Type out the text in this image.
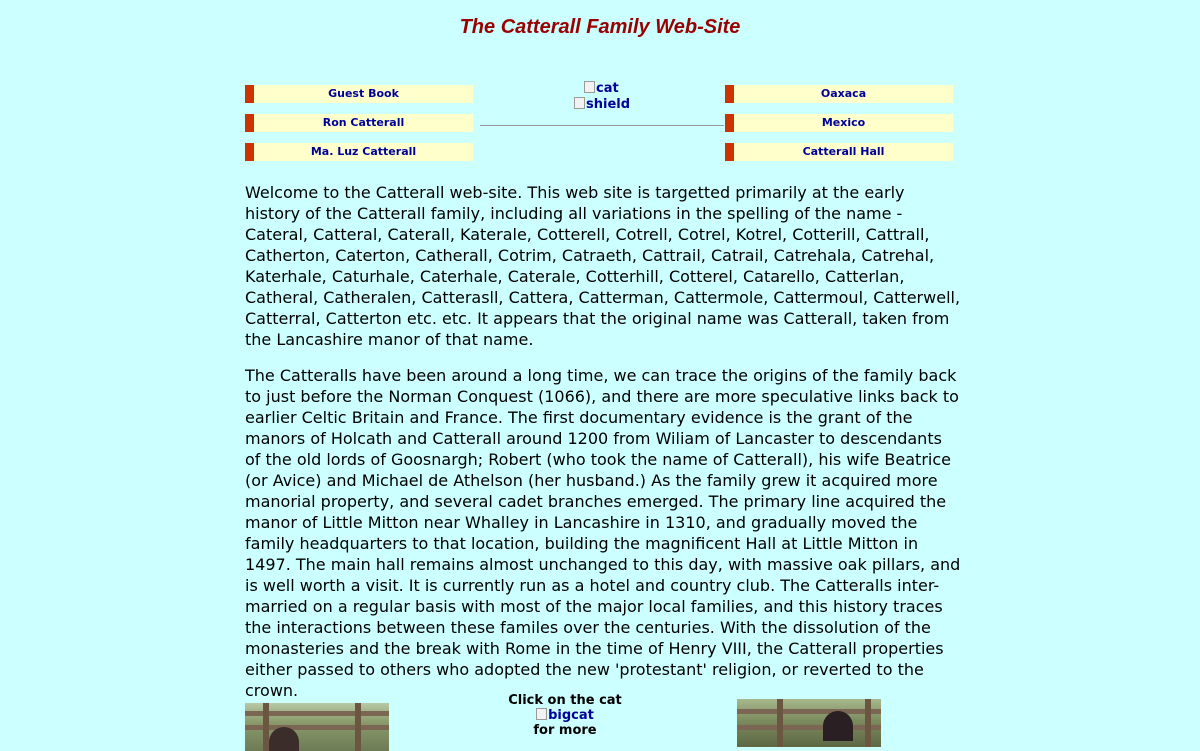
The Catterall Family Web-Site
Guest Book
Ron Catterall
Ma. Luz Catterall
cat
shield
Oaxaca
Mexico
Catterall Hall

Welcome to the Catterall web-site. This web site is targetted primarily at the early history of the Catterall family, including all variations in the spelling of the name - Cateral, Catteral, Caterall, Katerale, Cotterell, Cotrell, Cotrel, Kotrel, Cotterill, Cattrall, Catherton, Caterton, Catherall, Cotrim, Catraeth, Cattrail, Catrail, Catrehala, Catrehal, Katerhale, Caturhale, Caterhale, Caterale, Cotterhill, Cotterel, Catarello, Catterlan, Catheral, Catheralen, Catterasll, Cattera, Catterman, Cattermole, Cattermoul, Catterwell, Catterral, Catterton etc. etc. It appears that the original name was Catterall, taken from the Lancashire manor of that name.

The Catteralls have been around a long time, we can trace the origins of the family back to just before the Norman Conquest (1066), and there are more speculative links back to earlier Celtic Britain and France. The first documentary evidence is the grant of the manors of Holcath and Catterall around 1200 from Wiliam of Lancaster to descendants of the old lords of Goosnargh; Robert (who took the name of Catterall), his wife Beatrice (or Avice) and Michael de Athelson (her husband.) As the family grew it acquired more manorial property, and several cadet branches emerged. The primary line acquired the manor of Little Mitton near Whalley in Lancashire in 1310, and gradually moved the family headquarters to that location, building the magnificent Hall at Little Mitton in 1497. The main hall remains almost unchanged to this day, with massive oak pillars, and is well worth a visit. It is currently run as a hotel and country club. The Catteralls inter-married on a regular basis with most of the major local families, and this history traces the interactions between these familes over the centuries. With the dissolution of the monasteries and the break with Rome in the time of Henry VIII, the Catterall properties either passed to others who adopted the new 'protestant' religion, or reverted to the crown.

Click on the cat
bigcat
for more
